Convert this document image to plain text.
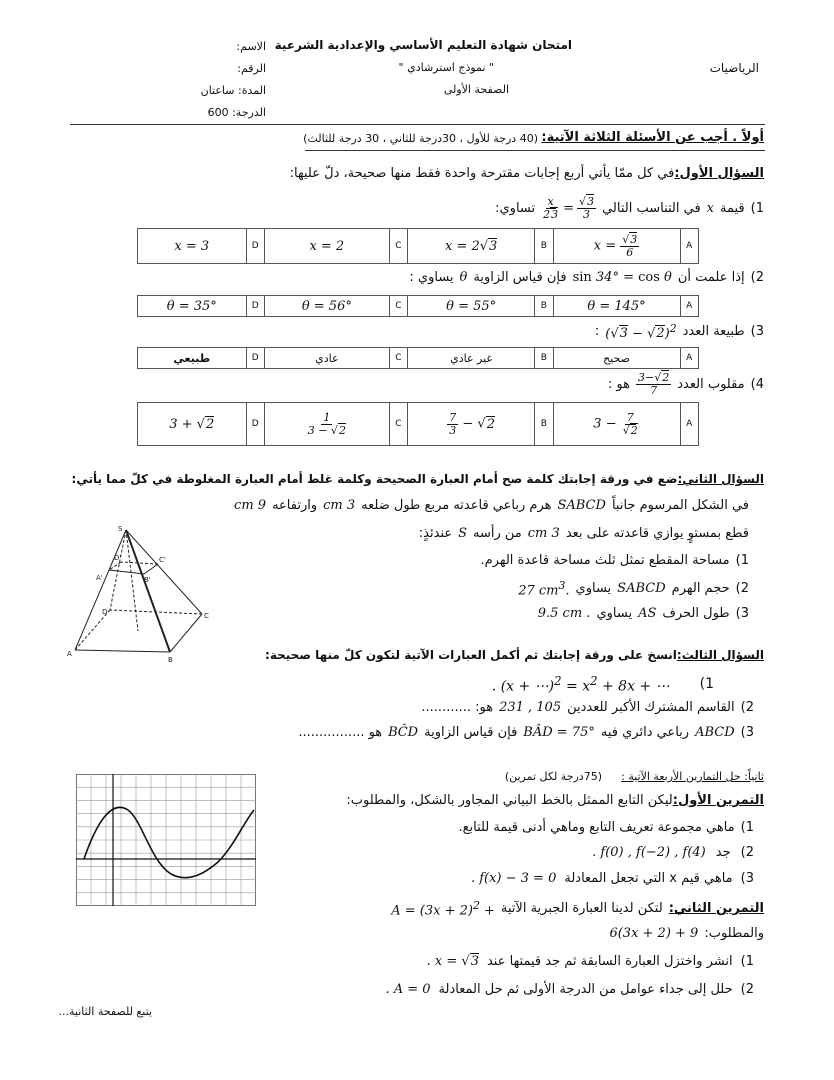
امتحان شهادة التعليم الأساسي والإعدادية الشرعية
" نموذج استرشادي "
الصفحة الأولى
الرياضيات
الاسم:
الرقم:
المدة: ساعتان
الدرجة: 600
أولاً . أجب عن الأسئلة الثلاثة الآتية:
(40 درجة للأول ، 30درجة للثاني ، 30 درجة للثالث)
السؤال الأول:في كل ممّا يأتي أربع إجابات مقترحة واحدة فقط منها صحيحة، دلّ عليها:
1)
قيمة
x
في التناسب التالي
$\frac{x}{23} = \frac{√3}{3}$
تساوي:
x = 3	D	x = 2	C	x = 2√3	B	$x = \frac{√3}{6}$	A
2)
إذا علمت أن
sin 34° = cos θ
فإن قياس الزاوية
θ
يساوي :
θ = 35°	D	θ = 56°	C	θ = 55°	B	θ = 145°	A
3)
طبيعة العدد
$(√3 - √2)^2$
:
طبيعي	D	عادي	C	غير عادي	B	صحيح	A
4)
مقلوب العدد
$\frac{3-√2}{7}$
هو :
3 + √2	D	$\frac{1}{3 - √2}$	C	$\frac{7}{3} - √2$	B	$3 - \frac{7}{√2}$	A
السؤال الثاني:ضع في ورقة إجابتك كلمة صح أمام العبارة الصحيحة وكلمة غلط أمام العبارة المغلوطة في كلّ مما يأتي:
في الشكل المرسوم جانباً
SABCD
هرم رباعي قاعدته مربع طول ضلعه
3 cm
وارتفاعه
9 cm
قطع بمستوٍ يوازي قاعدته على بعد
3 cm
من رأسه
S
عندئذٍ:
1)
مساحة المقطع تمثل ثلث مساحة قاعدة الهرم.
2)
حجم الهرم
SABCD
يساوي
27 $cm^3$.
3)
طول الحرف
AS
يساوي
9.5 cm .
S
A'	B'
C'
D'
A
B
C
D
السؤال الثالث:انسخ على ورقة إجابتك ثم أكمل العبارات الآتية لتكون كلّ منها صحيحة:
1)
. (x + ⋯)$^2$ = $x^2 + 8x$ + ⋯
2)
القاسم المشترك الأكبر للعددين
231 , 105
هو: ............
3)
ABCD
رباعي دائري فيه
BÂD = 75°
فإن قياس الزاوية
BĈD
هو ................
ثانياً: حل التمارين الأربعة الآتية :
(75درجة لكل تمرين)
التمرين الأول:ليكن التابع الممثل بالخط البياني المجاور بالشكل، والمطلوب:
1)
ماهي مجموعة تعريف التابع وماهي أدنى قيمة للتابع.
2)
جد
. f(0) , f(−2) , f(4)
3)
ماهي قيم x التي تجعل المعادلة
. f(x) − 3 = 0
التمرين الثاني:
لتكن لدينا العبارة الجبرية الآتية
$A = (3x + 2)^2$ +
والمطلوب:
6(3x + 2) + 9
1)
انشر واختزل العبارة السابقة ثم جد قيمتها عند
. x = √3
2)
حلل إلى جداء عوامل من الدرجة الأولى ثم حل المعادلة
. A = 0
يتبع للصفحة الثانية...
